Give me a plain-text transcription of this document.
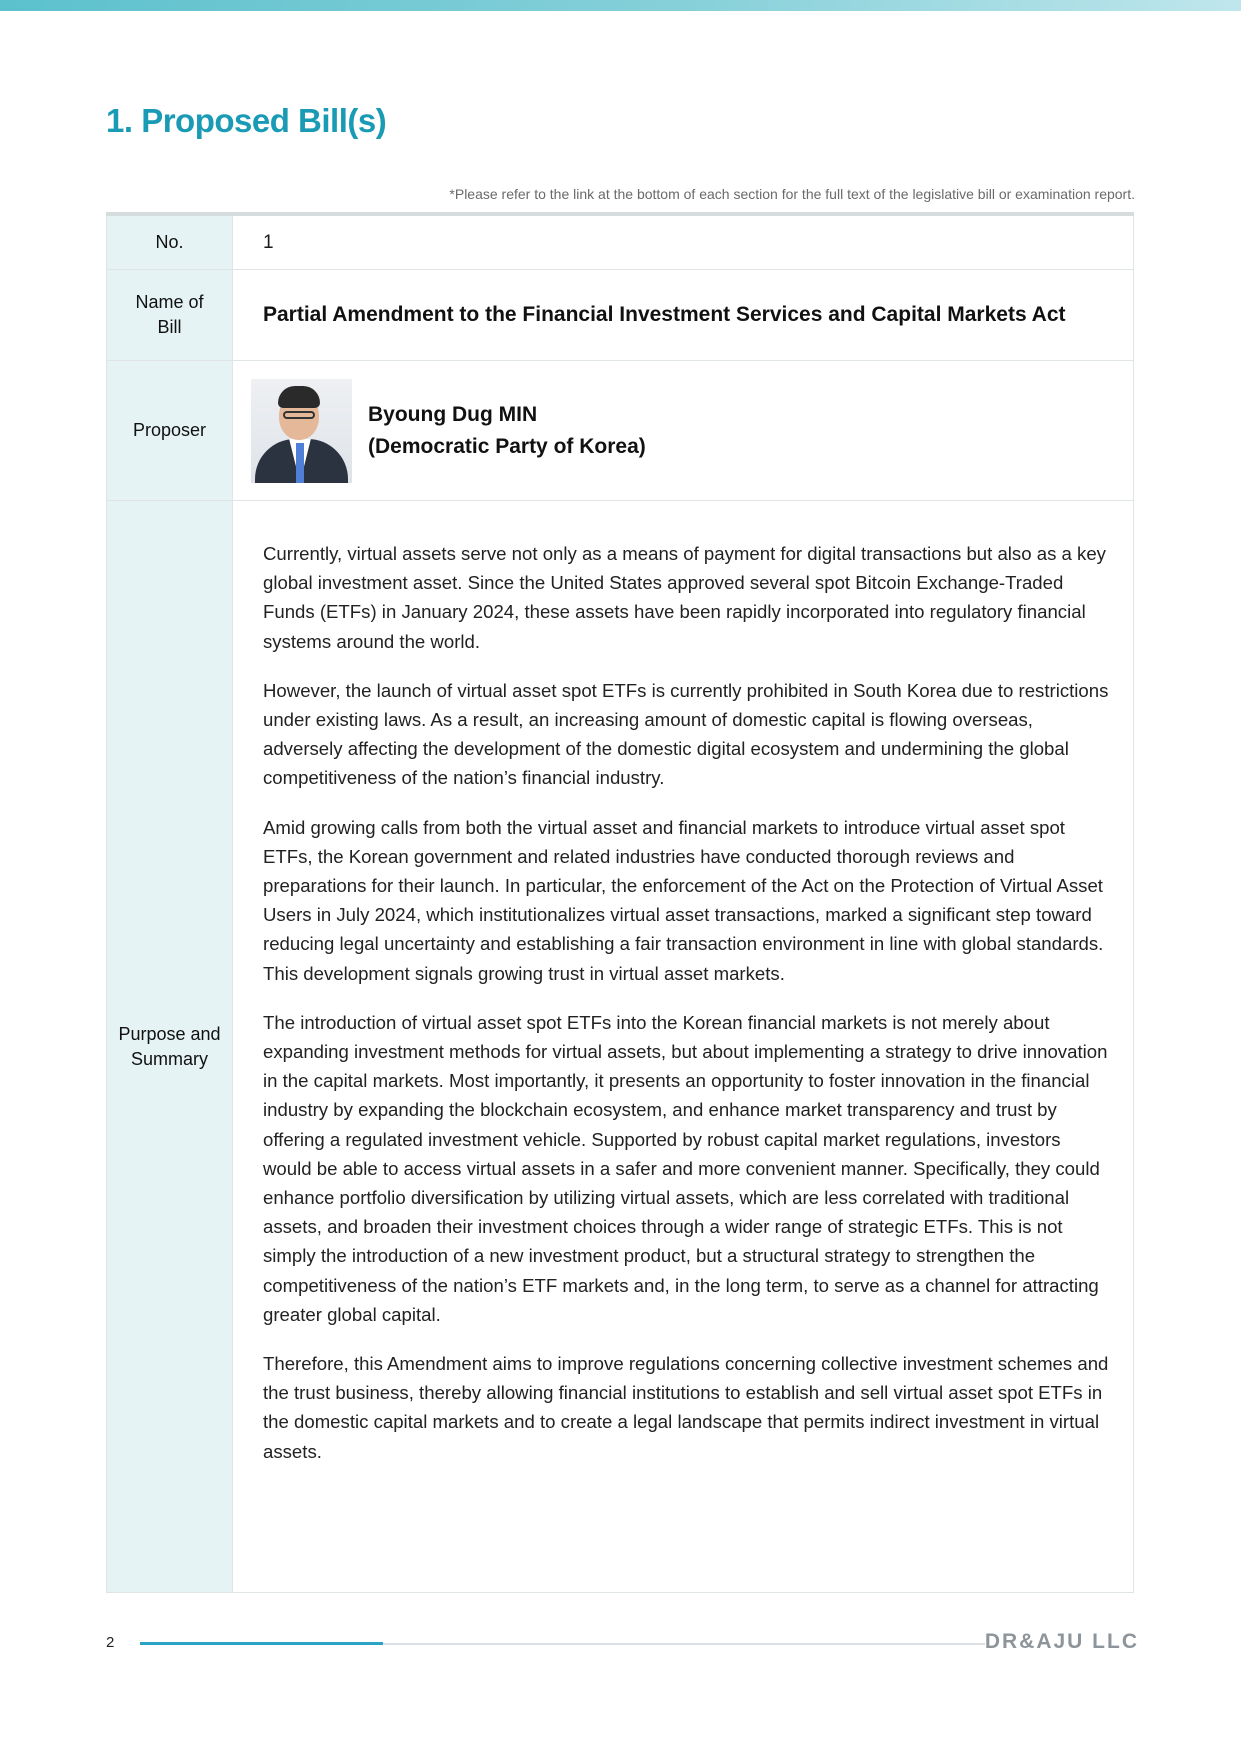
1. Proposed Bill(s)
*Please refer to the link at the bottom of each section for the full text of the legislative bill or examination report.
No.	1

Name of Bill	Partial Amendment to the Financial Investment Services and Capital Markets Act
Proposer	Byoung Dug MIN
(Democratic Party of Korea)

Purpose and Summary	Currently, virtual assets serve not only as a means of payment for digital transactions but also as a key global investment asset. Since the United States approved several spot Bitcoin Exchange-Traded Funds (ETFs) in January 2024, these assets have been rapidly incorporated into regulatory financial systems around the world.

However, the launch of virtual asset spot ETFs is currently prohibited in South Korea due to restrictions under existing laws. As a result, an increasing amount of domestic capital is flowing overseas, adversely affecting the development of the domestic digital ecosystem and undermining the global competitiveness of the nation’s financial industry.

Amid growing calls from both the virtual asset and financial markets to introduce virtual asset spot ETFs, the Korean government and related industries have conducted thorough reviews and preparations for their launch. In particular, the enforcement of the Act on the Protection of Virtual Asset Users in July 2024, which institutionalizes virtual asset transactions, marked a significant step toward reducing legal uncertainty and establishing a fair transaction environment in line with global standards. This development signals growing trust in virtual asset markets.

The introduction of virtual asset spot ETFs into the Korean financial markets is not merely about expanding investment methods for virtual assets, but about implementing a strategy to drive innovation in the capital markets. Most importantly, it presents an opportunity to foster innovation in the financial industry by expanding the blockchain ecosystem, and enhance market transparency and trust by offering a regulated investment vehicle. Supported by robust capital market regulations, investors would be able to access virtual assets in a safer and more convenient manner. Specifically, they could enhance portfolio diversification by utilizing virtual assets, which are less correlated with traditional assets, and broaden their investment choices through a wider range of strategic ETFs. This is not simply the introduction of a new investment product, but a structural strategy to strengthen the competitiveness of the nation’s ETF markets and, in the long term, to serve as a channel for attracting greater global capital.

Therefore, this Amendment aims to improve regulations concerning collective investment schemes and the trust business, thereby allowing financial institutions to establish and sell virtual asset spot ETFs in the domestic capital markets and to create a legal landscape that permits indirect investment in virtual assets.

2	DR&AJU LLC
